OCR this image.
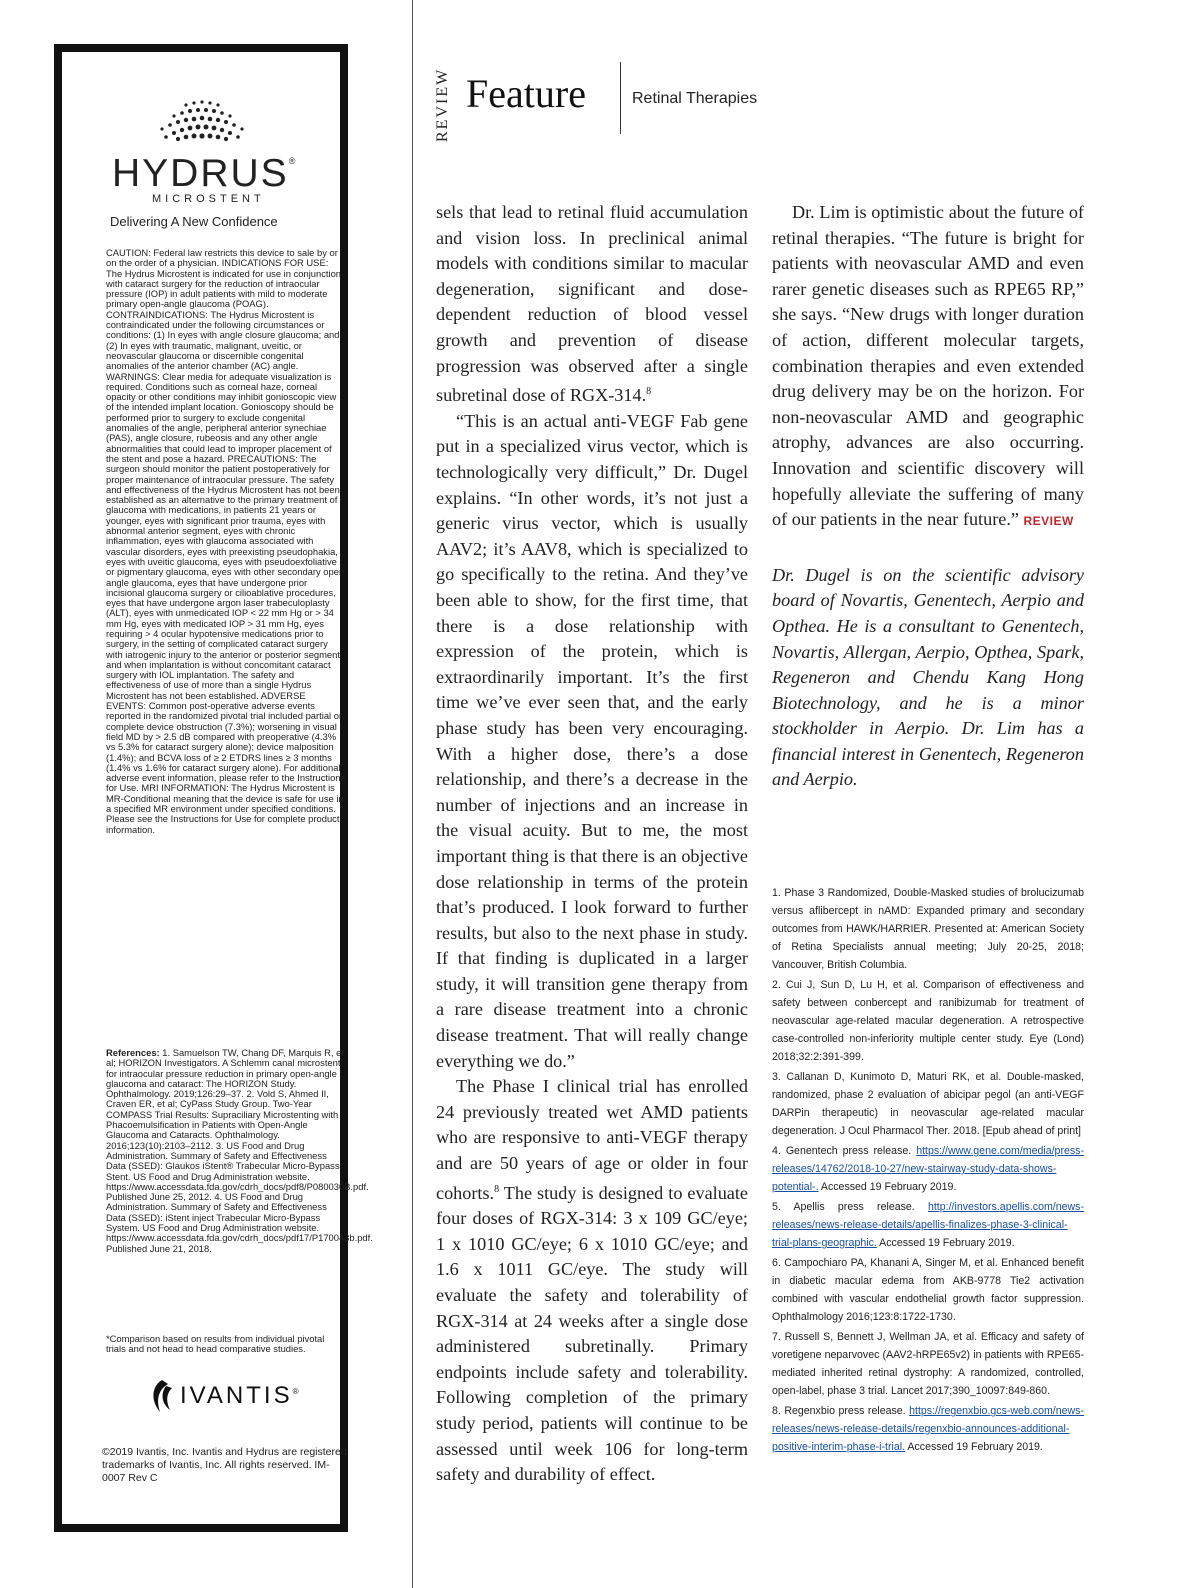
HYDRUS®
MICROSTENT
Delivering A New Confidence

CAUTION: Federal law restricts this device to sale by or on the order of a physician. INDICATIONS FOR USE: The Hydrus Microstent is indicated for use in conjunction with cataract surgery for the reduction of intraocular pressure (IOP) in adult patients with mild to moderate primary open-angle glaucoma (POAG). CONTRAINDICATIONS: The Hydrus Microstent is contraindicated under the following circumstances or conditions: (1) In eyes with angle closure glaucoma; and (2) In eyes with traumatic, malignant, uveitic, or neovascular glaucoma or discernible congenital anomalies of the anterior chamber (AC) angle. WARNINGS: Clear media for adequate visualization is required. Conditions such as corneal haze, corneal opacity or other conditions may inhibit gonioscopic view of the intended implant location. Gonioscopy should be performed prior to surgery to exclude congenital anomalies of the angle, peripheral anterior synechiae (PAS), angle closure, rubeosis and any other angle abnormalities that could lead to improper placement of the stent and pose a hazard. PRECAUTIONS: The surgeon should monitor the patient postoperatively for proper maintenance of intraocular pressure. The safety and effectiveness of the Hydrus Microstent has not been established as an alternative to the primary treatment of glaucoma with medications, in patients 21 years or younger, eyes with significant prior trauma, eyes with abnormal anterior segment, eyes with chronic inflammation, eyes with glaucoma associated with vascular disorders, eyes with preexisting pseudophakia, eyes with uveitic glaucoma, eyes with pseudoexfoliative or pigmentary glaucoma, eyes with other secondary open angle glaucoma, eyes that have undergone prior incisional glaucoma surgery or cilioablative procedures, eyes that have undergone argon laser trabeculoplasty (ALT), eyes with unmedicated IOP < 22 mm Hg or > 34 mm Hg, eyes with medicated IOP > 31 mm Hg, eyes requiring > 4 ocular hypotensive medications prior to surgery, in the setting of complicated cataract surgery with iatrogenic injury to the anterior or posterior segment and when implantation is without concomitant cataract surgery with IOL implantation. The safety and effectiveness of use of more than a single Hydrus Microstent has not been established. ADVERSE EVENTS: Common post-operative adverse events reported in the randomized pivotal trial included partial or complete device obstruction (7.3%); worsening in visual field MD by > 2.5 dB compared with preoperative (4.3% vs 5.3% for cataract surgery alone); device malposition (1.4%); and BCVA loss of ≥ 2 ETDRS lines ≥ 3 months (1.4% vs 1.6% for cataract surgery alone). For additional adverse event information, please refer to the Instructions for Use. MRI INFORMATION: The Hydrus Microstent is MR-Conditional meaning that the device is safe for use in a specified MR environment under specified conditions. Please see the Instructions for Use for complete product information.

References: 1. Samuelson TW, Chang DF, Marquis R, et al; HORIZON Investigators. A Schlemm canal microstent for intraocular pressure reduction in primary open-angle glaucoma and cataract: The HORIZON Study. Ophthalmology. 2019;126:29–37. 2. Vold S, Ahmed II, Craven ER, et al; CyPass Study Group. Two-Year COMPASS Trial Results: Supraciliary Microstenting with Phacoemulsification in Patients with Open-Angle Glaucoma and Cataracts. Ophthalmology. 2016;123(10):2103–2112. 3. US Food and Drug Administration. Summary of Safety and Effectiveness Data (SSED): Glaukos iStent® Trabecular Micro-Bypass Stent. US Food and Drug Administration website. https://www.accessdata.fda.gov/cdrh_docs/pdf8/P080030B.pdf. Published June 25, 2012. 4. US Food and Drug Administration. Summary of Safety and Effectiveness Data (SSED): iStent inject Trabecular Micro-Bypass System. US Food and Drug Administration website. https://www.accessdata.fda.gov/cdrh_docs/pdf17/P170043b.pdf. Published June 21, 2018.

*Comparison based on results from individual pivotal trials and not head to head comparative studies.

IVANTIS®
©2019 Ivantis, Inc. Ivantis and Hydrus are registered trademarks of Ivantis, Inc. All rights reserved. IM-0007 Rev C
REVIEW Feature	Retinal Therapies

sels that lead to retinal fluid accumulation and vision loss. In preclinical animal models with conditions similar to macular degeneration, significant and dose-dependent reduction of blood vessel growth and prevention of disease progression was observed after a single subretinal dose of RGX-314.$^8$

“This is an actual anti-VEGF Fab gene put in a specialized virus vector, which is technologically very difficult,” Dr. Dugel explains. “In other words, it’s not just a generic virus vector, which is usually AAV2; it’s AAV8, which is specialized to go specifically to the retina. And they’ve been able to show, for the first time, that there is a dose relationship with expression of the protein, which is extraordinarily important. It’s the first time we’ve ever seen that, and the early phase study has been very encouraging. With a higher dose, there’s a dose relationship, and there’s a decrease in the number of injections and an increase in the visual acuity. But to me, the most important thing is that there is an objective dose relationship in terms of the protein that’s produced. I look forward to further results, but also to the next phase in study. If that finding is duplicated in a larger study, it will transition gene therapy from a rare disease treatment into a chronic disease treatment. That will really change everything we do.”

The Phase I clinical trial has enrolled 24 previously treated wet AMD patients who are responsive to anti-VEGF therapy and are 50 years of age or older in four cohorts.$^8$ The study is designed to evaluate four doses of RGX-314: 3 x 109 GC/eye; 1 x 1010 GC/eye; 6 x 1010 GC/eye; and 1.6 x 1011 GC/eye. The study will evaluate the safety and tolerability of RGX-314 at 24 weeks after a single dose administered subretinally. Primary endpoints include safety and tolerability. Following completion of the primary study period, patients will continue to be assessed until week 106 for long-term safety and durability of effect.

Dr. Lim is optimistic about the future of retinal therapies. “The future is bright for patients with neovascular AMD and even rarer genetic diseases such as RPE65 RP,” she says. “New drugs with longer duration of action, different molecular targets, combination therapies and even extended drug delivery may be on the horizon. For non-neovascular AMD and geographic atrophy, advances are also occurring. Innovation and scientific discovery will hopefully alleviate the suffering of many of our patients in the near future.” REVIEW

Dr. Dugel is on the scientific advisory board of Novartis, Genentech, Aerpio and Opthea. He is a consultant to Genentech, Novartis, Allergan, Aerpio, Opthea, Spark, Regeneron and Chendu Kang Hong Biotechnology, and he is a minor stockholder in Aerpio. Dr. Lim has a financial interest in Genentech, Regeneron and Aerpio.

1. Phase 3 Randomized, Double-Masked studies of brolucizumab versus aflibercept in nAMD: Expanded primary and secondary outcomes from HAWK/HARRIER. Presented at: American Society of Retina Specialists annual meeting; July 20-25, 2018; Vancouver, British Columbia.

2. Cui J, Sun D, Lu H, et al. Comparison of effectiveness and safety between conbercept and ranibizumab for treatment of neovascular age-related macular degeneration. A retrospective case-controlled non-inferiority multiple center study. Eye (Lond) 2018;32:2:391-399.

3. Callanan D, Kunimoto D, Maturi RK, et al. Double-masked, randomized, phase 2 evaluation of abicipar pegol (an anti-VEGF DARPin therapeutic) in neovascular age-related macular degeneration. J Ocul Pharmacol Ther. 2018. [Epub ahead of print]

4. Genentech press release. https://www.gene.com/media/press-releases/14762/2018-10-27/new-stairway-study-data-shows-potential-. Accessed 19 February 2019.

5. Apellis press release. http://investors.apellis.com/news-releases/news-release-details/apellis-finalizes-phase-3-clinical-trial-plans-geographic. Accessed 19 February 2019.

6. Campochiaro PA, Khanani A, Singer M, et al. Enhanced benefit in diabetic macular edema from AKB-9778 Tie2 activation combined with vascular endothelial growth factor suppression. Ophthalmology 2016;123:8:1722-1730.

7. Russell S, Bennett J, Wellman JA, et al. Efficacy and safety of voretigene neparvovec (AAV2-hRPE65v2) in patients with RPE65-mediated inherited retinal dystrophy: A randomized, controlled, open-label, phase 3 trial. Lancet 2017;390_10097:849-860.

8. Regenxbio press release. https://regenxbio.gcs-web.com/news-releases/news-release-details/regenxbio-announces-additional-positive-interim-phase-i-trial. Accessed 19 February 2019.
